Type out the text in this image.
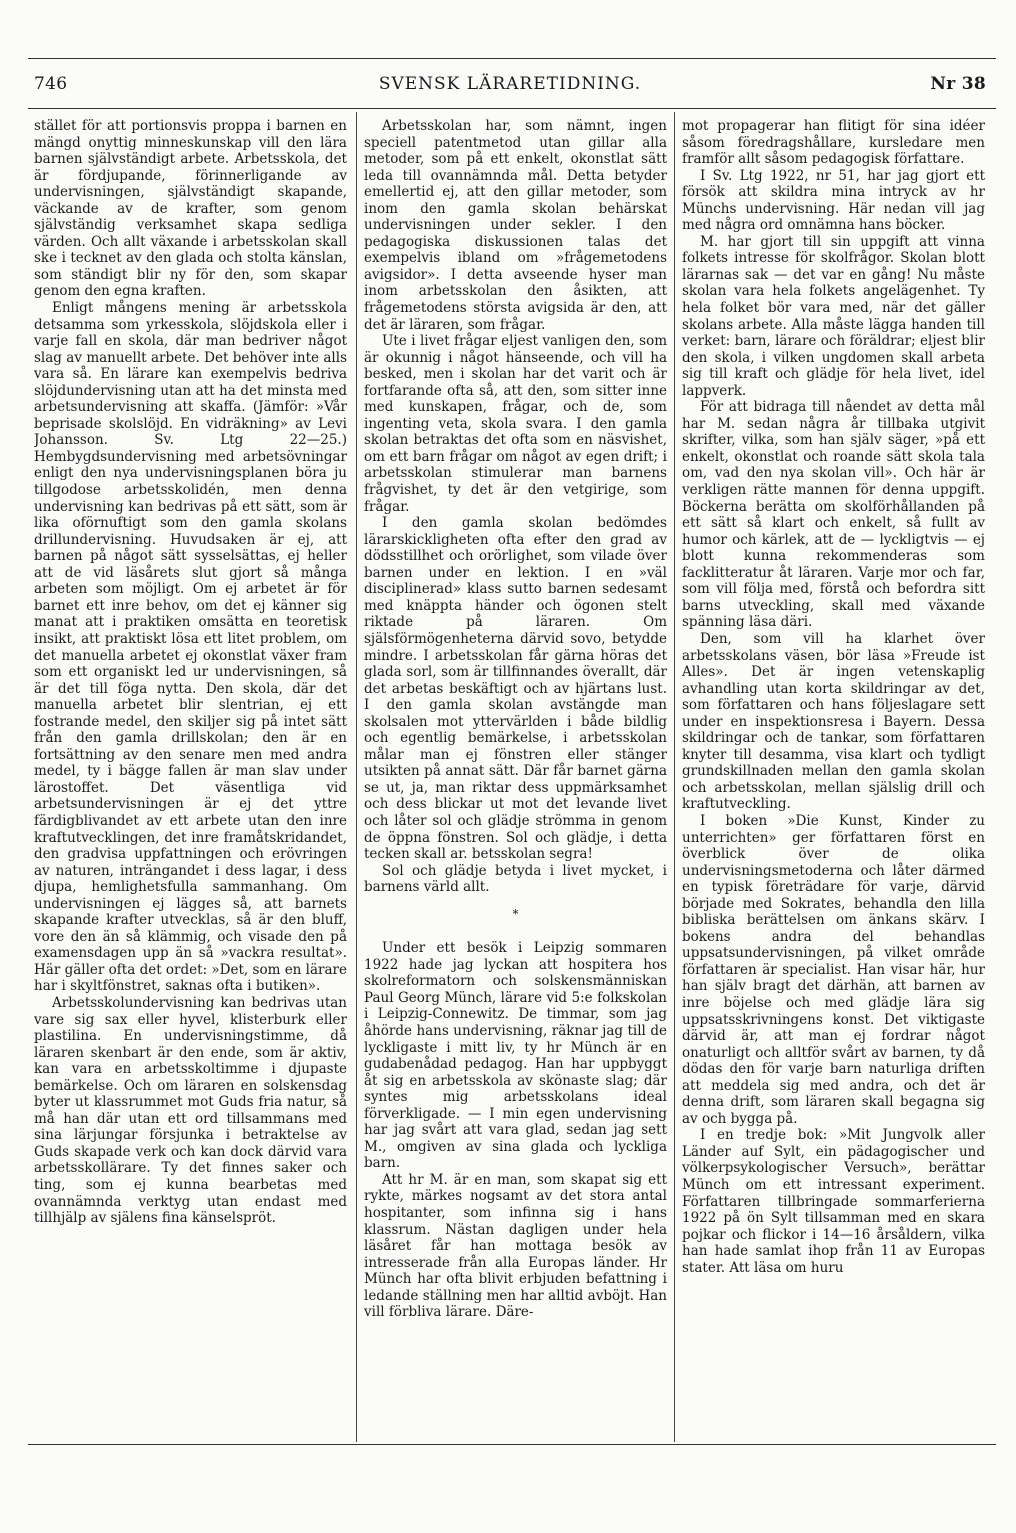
746	SVENSK LÄRARETIDNING.	Nr 38

stället för att portionsvis proppa i barnen en mängd onyttig minneskunskap vill den lära barnen självständigt arbete. Arbetsskola, det är fördjupande, förinnerligande av undervisningen, självständigt skapande, väckande av de krafter, som genom självständig verksamhet skapa sedliga värden. Och allt växande i arbetsskolan skall ske i tecknet av den glada och stolta känslan, som ständigt blir ny för den, som skapar genom den egna kraften.

Enligt mångens mening är arbetsskola detsamma som yrkesskola, slöjdskola eller i varje fall en skola, där man bedriver något slag av manuellt arbete. Det behöver inte alls vara så. En lärare kan exempelvis bedriva slöjdundervisning utan att ha det minsta med arbetsundervisning att skaffa. (Jämför: »Vår beprisade skolslöjd. En vidräkning» av Levi Johansson. Sv. Ltg 22—25.) Hembygdsundervisning med arbetsövningar enligt den nya undervisningsplanen böra ju tillgodose arbetsskolidén, men denna undervisning kan bedrivas på ett sätt, som är lika oförnuftigt som den gamla skolans drillundervisning. Huvudsaken är ej, att barnen på något sätt sysselsättas, ej heller att de vid läsårets slut gjort så många arbeten som möjligt. Om ej arbetet är för barnet ett inre behov, om det ej känner sig manat att i praktiken omsätta en teoretisk insikt, att praktiskt lösa ett litet problem, om det manuella arbetet ej okonstlat växer fram som ett organiskt led ur undervisningen, så är det till föga nytta. Den skola, där det manuella arbetet blir slentrian, ej ett fostrande medel, den skiljer sig på intet sätt från den gamla drillskolan; den är en fortsättning av den senare men med andra medel, ty i bägge fallen är man slav under lärostoffet. Det väsentliga vid arbetsundervisningen är ej det yttre färdigblivandet av ett arbete utan den inre kraftutvecklingen, det inre framåtskridandet, den gradvisa uppfattningen och erövringen av naturen, inträngandet i dess lagar, i dess djupa, hemlighetsfulla sammanhang. Om undervisningen ej lägges så, att barnets skapande krafter utvecklas, så är den bluff, vore den än så klämmig, och visade den på examensdagen upp än så »vackra resultat». Här gäller ofta det ordet: »Det, som en lärare har i skyltfönstret, saknas ofta i butiken».

Arbetsskolundervisning kan bedrivas utan vare sig sax eller hyvel, klisterburk eller plastilina. En undervisningstimme, då läraren skenbart är den ende, som är aktiv, kan vara en arbetsskoltimme i djupaste bemärkelse. Och om läraren en solskensdag byter ut klassrummet mot Guds fria natur, så må han där utan ett ord tillsammans med sina lärjungar försjunka i betraktelse av Guds skapade verk och kan dock därvid vara arbetsskollärare. Ty det finnes saker och ting, som ej kunna bearbetas med ovannämnda verktyg utan endast med tillhjälp av själens fina känselspröt.

Arbetsskolan har, som nämnt, ingen speciell patentmetod utan gillar alla metoder, som på ett enkelt, okonstlat sätt leda till ovannämnda mål. Detta betyder emellertid ej, att den gillar metoder, som inom den gamla skolan behärskat undervisningen under sekler. I den pedagogiska diskussionen talas det exempelvis ibland om »frågemetodens avigsidor». I detta avseende hyser man inom arbetsskolan den åsikten, att frågemetodens största avigsida är den, att det är läraren, som frågar.

Ute i livet frågar eljest vanligen den, som är okunnig i något hänseende, och vill ha besked, men i skolan har det varit och är fortfarande ofta så, att den, som sitter inne med kunskapen, frågar, och de, som ingenting veta, skola svara. I den gamla skolan betraktas det ofta som en näsvishet, om ett barn frågar om något av egen drift; i arbetsskolan stimulerar man barnens frågvishet, ty det är den vetgirige, som frågar.

I den gamla skolan bedömdes lärarskickligheten ofta efter den grad av dödsstillhet och orörlighet, som vilade över barnen under en lektion. I en »väl disciplinerad» klass sutto barnen sedesamt med knäppta händer och ögonen stelt riktade på läraren. Om själsförmögenheterna därvid sovo, betydde mindre. I arbetsskolan får gärna höras det glada sorl, som är tillfinnandes överallt, där det arbetas beskäftigt och av hjärtans lust. I den gamla skolan avstängde man skolsalen mot yttervärlden i både bildlig och egentlig bemärkelse, i arbetsskolan målar man ej fönstren eller stänger utsikten på annat sätt. Där får barnet gärna se ut, ja, man riktar dess uppmärksamhet och dess blickar ut mot det levande livet och låter sol och glädje strömma in genom de öppna fönstren. Sol och glädje, i detta tecken skall ar. betsskolan segra!

Sol och glädje betydа i livet mycket, i barnens värld allt.

*

Under ett besök i Leipzig sommaren 1922 hade jag lyckan att hospitera hos skolreformatorn och solskensmänniskan Paul Georg Münch, lärare vid 5:e folkskolan i Leipzig-Connewitz. De timmar, som jag åhörde hans undervisning, räknar jag till de lyckligaste i mitt liv, ty hr Münch är en gudabenådad pedagog. Han har uppbyggt åt sig en arbetsskola av skönaste slag; där syntes mig arbetsskolans ideal förverkligade. — I min egen undervisning har jag svårt att vara glad, sedan jag sett M., omgiven av sina glada och lyckliga barn.

Att hr M. är en man, som skapat sig ett rykte, märkes nogsamt av det stora antal hospitanter, som infinna sig i hans klassrum. Nästan dagligen under hela läsåret får han mottaga besök av intresserade från alla Europas länder. Hr Münch har ofta blivit erbjuden befattning i ledande ställning men har alltid avböjt. Han vill förbliva lärare. Däre-

mot propagerar han flitigt för sina idéer såsom föredragshållare, kursledare men framför allt såsom pedagogisk författare.

I Sv. Ltg 1922, nr 51, har jag gjort ett försök att skildra mina intryck av hr Münchs undervisning. Här nedan vill jag med några ord omnämna hans böcker.

M. har gjort till sin uppgift att vinna folkets intresse för skolfrågor. Skolan blott lärarnas sak — det var en gång! Nu måste skolan vara hela folkets angelägenhet. Ty hela folket bör vara med, när det gäller skolans arbete. Alla måste lägga handen till verket: barn, lärare och föräldrar; eljest blir den skola, i vilken ungdomen skall arbeta sig till kraft och glädje för hela livet, idel lappverk.

För att bidraga till nåendet av detta mål har M. sedan några år tillbaka utgivit skrifter, vilka, som han själv säger, »på ett enkelt, okonstlat och roande sätt skola tala om, vad den nya skolan vill». Och här är verkligen rätte mannen för denna uppgift. Böckerna berätta om skolförhållanden på ett sätt så klart och enkelt, så fullt av humor och kärlek, att de — lyckligtvis — ej blott kunna rekommenderas som facklitteratur åt läraren. Varje mor och far, som vill följa med, förstå och befordra sitt barns utveckling, skall med växande spänning läsa däri.

Den, som vill ha klarhet över arbetsskolans väsen, bör läsa »Freude ist Alles». Det är ingen vetenskaplig avhandling utan korta skildringar av det, som författaren och hans följeslagare sett under en inspektionsresa i Bayern. Dessa skildringar och de tankar, som författaren knyter till desamma, visa klart och tydligt grundskillnaden mellan den gamla skolan och arbetsskolan, mellan själslig drill och kraftutveckling.

I boken »Die Kunst, Kinder zu unterrichten» ger författaren först en överblick över de olika undervisningsmetoderna och låter därmed en typisk företrädare för varje, därvid började med Sokrates, behandla den lilla bibliska berättelsen om änkans skärv. I bokens andra del behandlas uppsatsundervisningen, på vilket område författaren är specialist. Han visar här, hur han själv bragt det därhän, att barnen av inre böjelse och med glädje lära sig uppsatsskrivningens konst. Det viktigaste därvid är, att man ej fordrar något onaturligt och alltför svårt av barnen, ty då dödas den för varje barn naturliga driften att meddela sig med andra, och det är denna drift, som läraren skall begagna sig av och bygga på.

I en tredje bok: »Mit Jungvolk aller Länder auf Sylt, ein pädagogischer und völkerpsykologischer Versuch», berättar Münch om ett intressant experiment. Författaren tillbringade sommarferierna 1922 på ön Sylt tillsamman med en skara pojkar och flickor i 14—16 årsåldern, vilka han hade samlat ihop från 11 av Europas stater. Att läsa om huru
